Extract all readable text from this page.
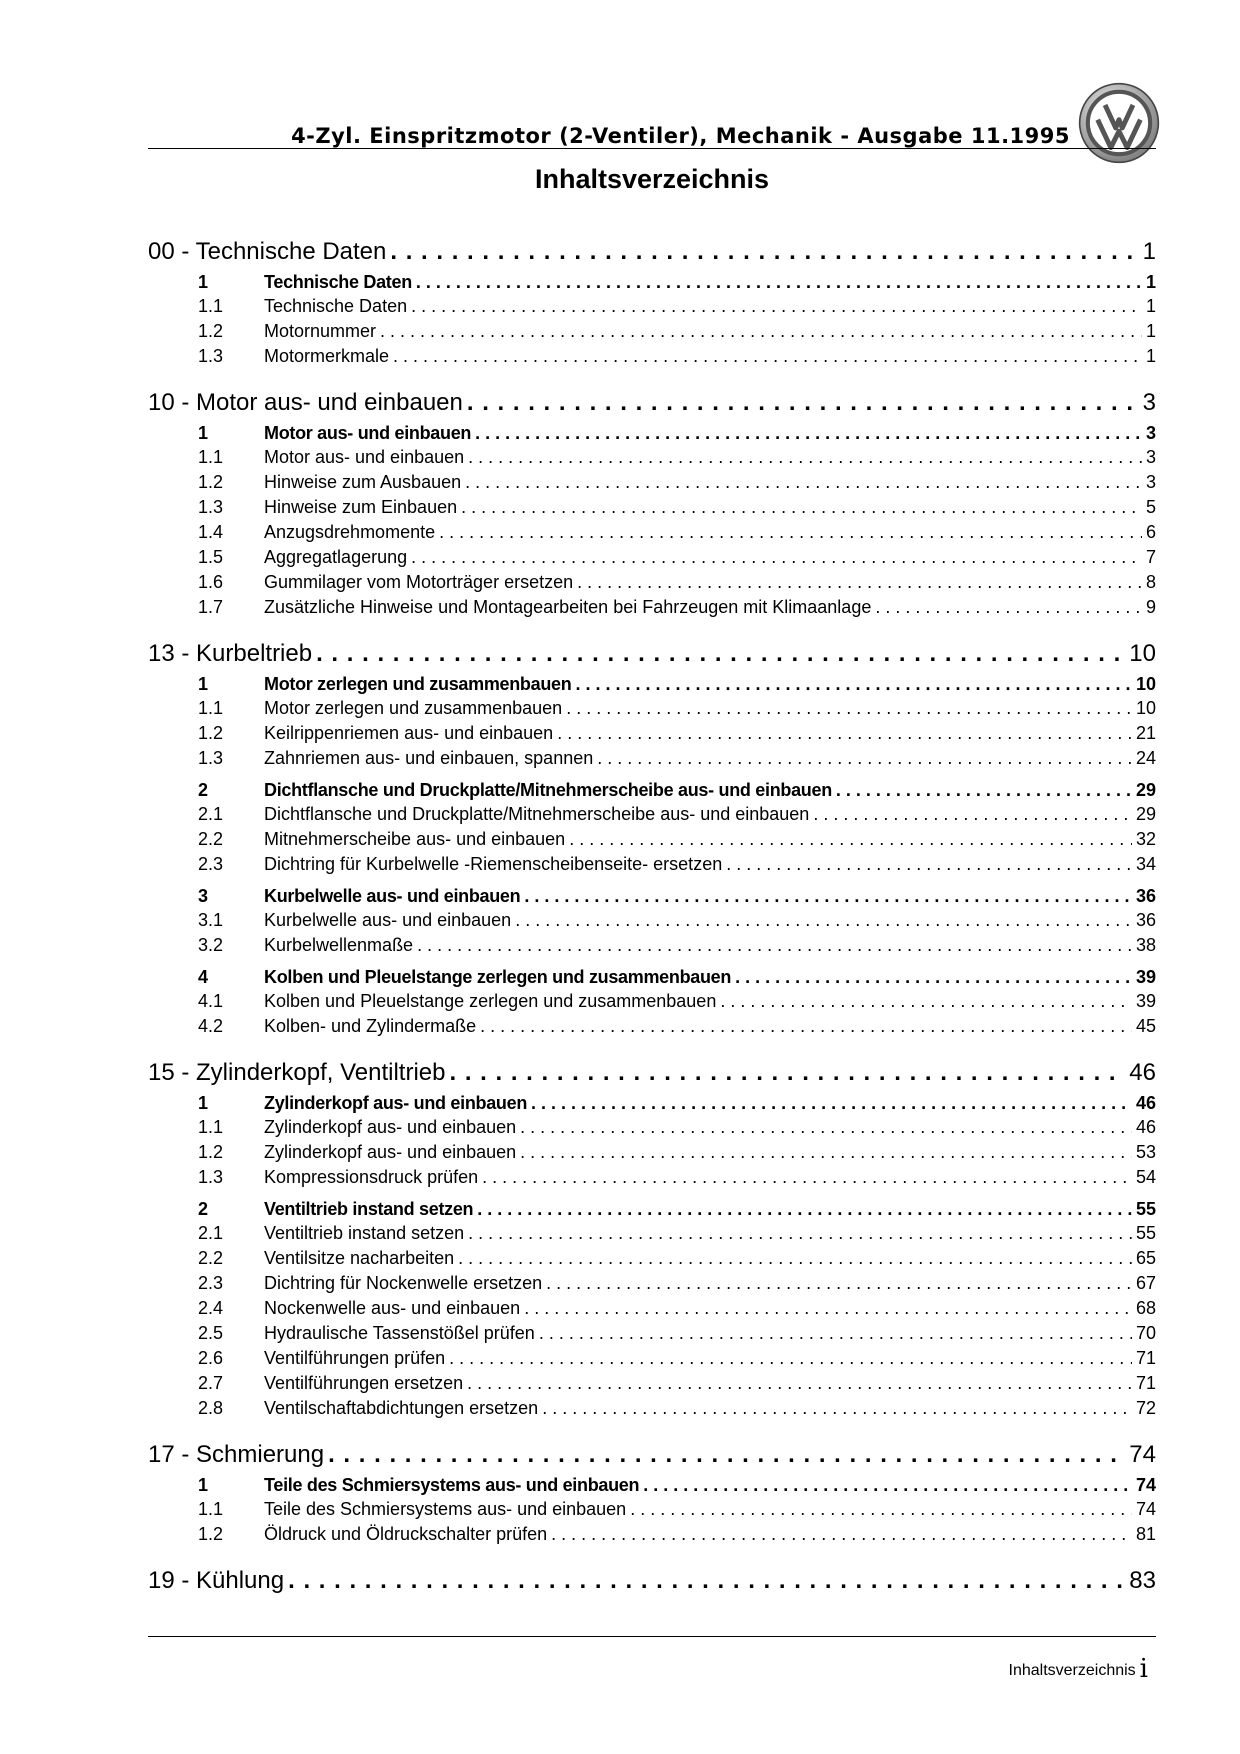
4-Zyl. Einspritzmotor (2-Ventiler), Mechanik - Ausgabe 11.1995
Inhaltsverzeichnis
00 - Technische Daten . . .	1
1	Technische Daten . . .	1
1.1	Technische Daten . . .	1
1.2	Motornummer . . .	1
1.3	Motormerkmale . . .	1
10 - Motor aus- und einbauen . . .	3
1	Motor aus- und einbauen . . .	3
1.1	Motor aus- und einbauen . . .	3
1.2	Hinweise zum Ausbauen . . .	3
1.3	Hinweise zum Einbauen . . .	5
1.4	Anzugsdrehmomente . . .	6
1.5	Aggregatlagerung . . .	7
1.6	Gummilager vom Motorträger ersetzen . . .	8
1.7	Zusätzliche Hinweise und Montagearbeiten bei Fahrzeugen mit Klimaanlage . . .	9
13 - Kurbeltrieb . . .	10
1	Motor zerlegen und zusammenbauen . . .	10
1.1	Motor zerlegen und zusammenbauen . . .	10
1.2	Keilrippenriemen aus- und einbauen . . .	21
1.3	Zahnriemen aus- und einbauen, spannen . . .	24
2	Dichtflansche und Druckplatte/Mitnehmerscheibe aus- und einbauen . . .	29
2.1	Dichtflansche und Druckplatte/Mitnehmerscheibe aus- und einbauen . . .	29
2.2	Mitnehmerscheibe aus- und einbauen . . .	32
2.3	Dichtring für Kurbelwelle -Riemenscheibenseite- ersetzen . . .	34
3	Kurbelwelle aus- und einbauen . . .	36
3.1	Kurbelwelle aus- und einbauen . . .	36
3.2	Kurbelwellenmaße . . .	38
4	Kolben und Pleuelstange zerlegen und zusammenbauen . . .	39
4.1	Kolben und Pleuelstange zerlegen und zusammenbauen . . .	39
4.2	Kolben- und Zylindermaße . . .	45
15 - Zylinderkopf, Ventiltrieb . . .	46
1	Zylinderkopf aus- und einbauen . . .	46
1.1	Zylinderkopf aus- und einbauen . . .	46
1.2	Zylinderkopf aus- und einbauen . . .	53
1.3	Kompressionsdruck prüfen . . .	54
2	Ventiltrieb instand setzen . . .	55
2.1	Ventiltrieb instand setzen . . .	55
2.2	Ventilsitze nacharbeiten . . .	65
2.3	Dichtring für Nockenwelle ersetzen . . .	67
2.4	Nockenwelle aus- und einbauen . . .	68
2.5	Hydraulische Tassenstößel prüfen . . .	70
2.6	Ventilführungen prüfen . . .	71
2.7	Ventilführungen ersetzen . . .	71
2.8	Ventilschaftabdichtungen ersetzen . . .	72
17 - Schmierung . . .	74
1	Teile des Schmiersystems aus- und einbauen . . .	74
1.1	Teile des Schmiersystems aus- und einbauen . . .	74
1.2	Öldruck und Öldruckschalter prüfen . . .	81
19 - Kühlung . . .	83
Inhaltsverzeichnis i
